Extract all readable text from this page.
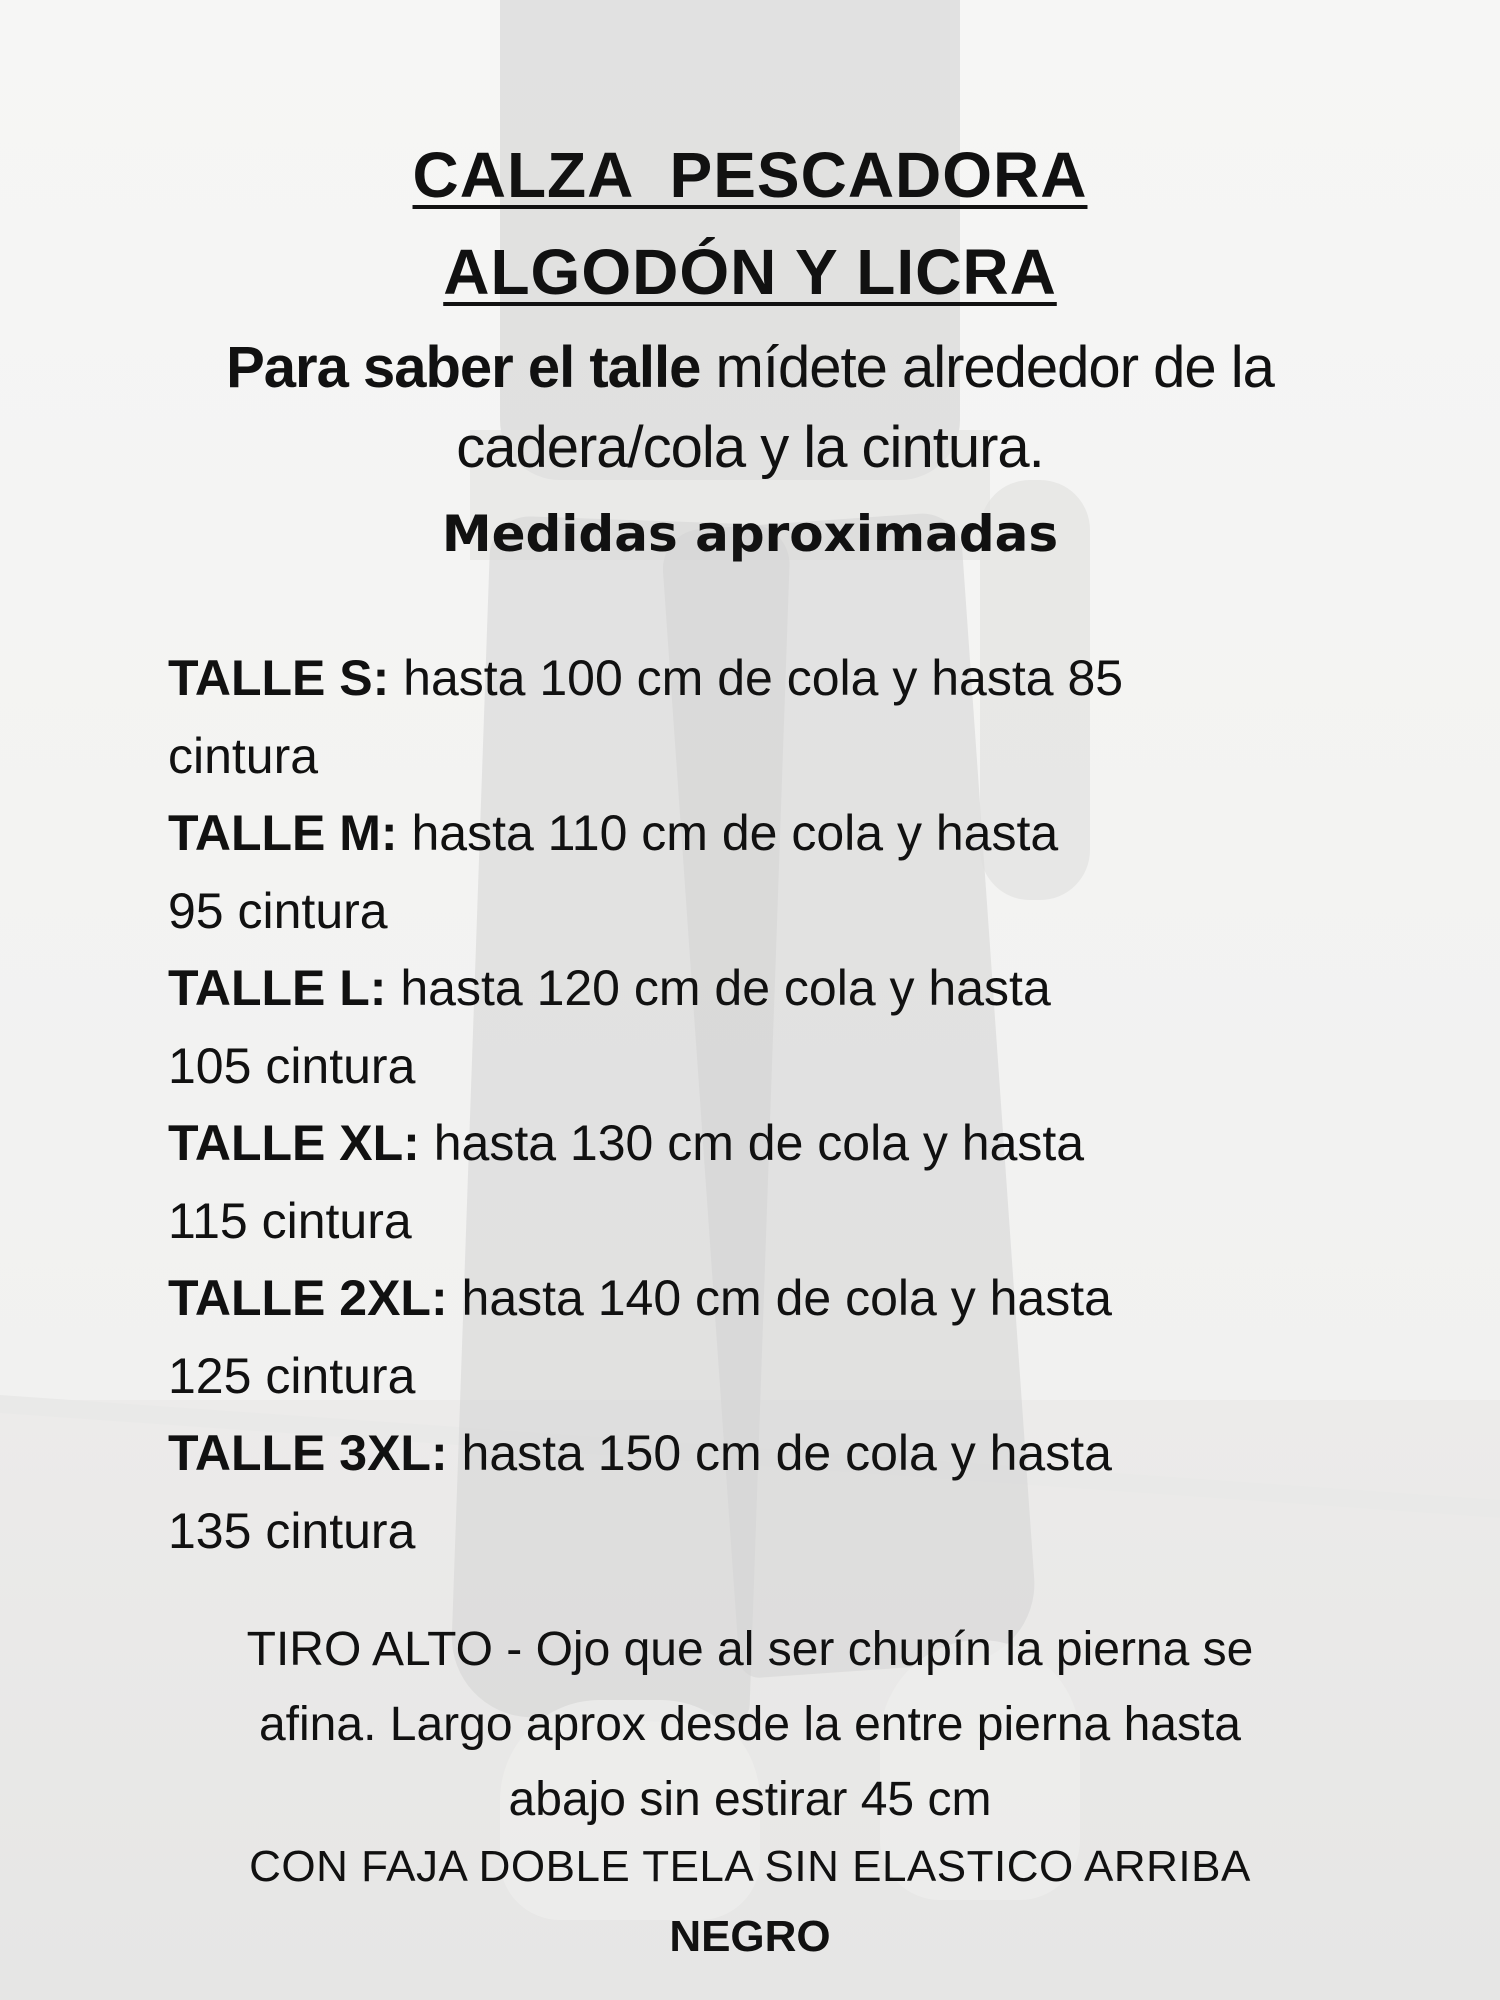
CALZA  PESCADORA
ALGODÓN Y LICRA
Para saber el talle mídete alrededor de la cadera/cola y la cintura.
Medidas aproximadas
TALLE S: hasta 100 cm de cola y hasta 85
cintura
TALLE M: hasta 110 cm de cola y hasta
95 cintura
TALLE L: hasta 120 cm de cola y hasta
105 cintura
TALLE XL: hasta 130 cm de cola y hasta
115 cintura
TALLE 2XL: hasta 140 cm de cola y hasta
125 cintura
TALLE 3XL: hasta 150 cm de cola y hasta
135 cintura
TIRO ALTO - Ojo que al ser chupín la pierna se
afina. Largo aprox desde la entre pierna hasta
abajo sin estirar 45 cm
CON FAJA DOBLE TELA SIN ELASTICO ARRIBA
NEGRO
